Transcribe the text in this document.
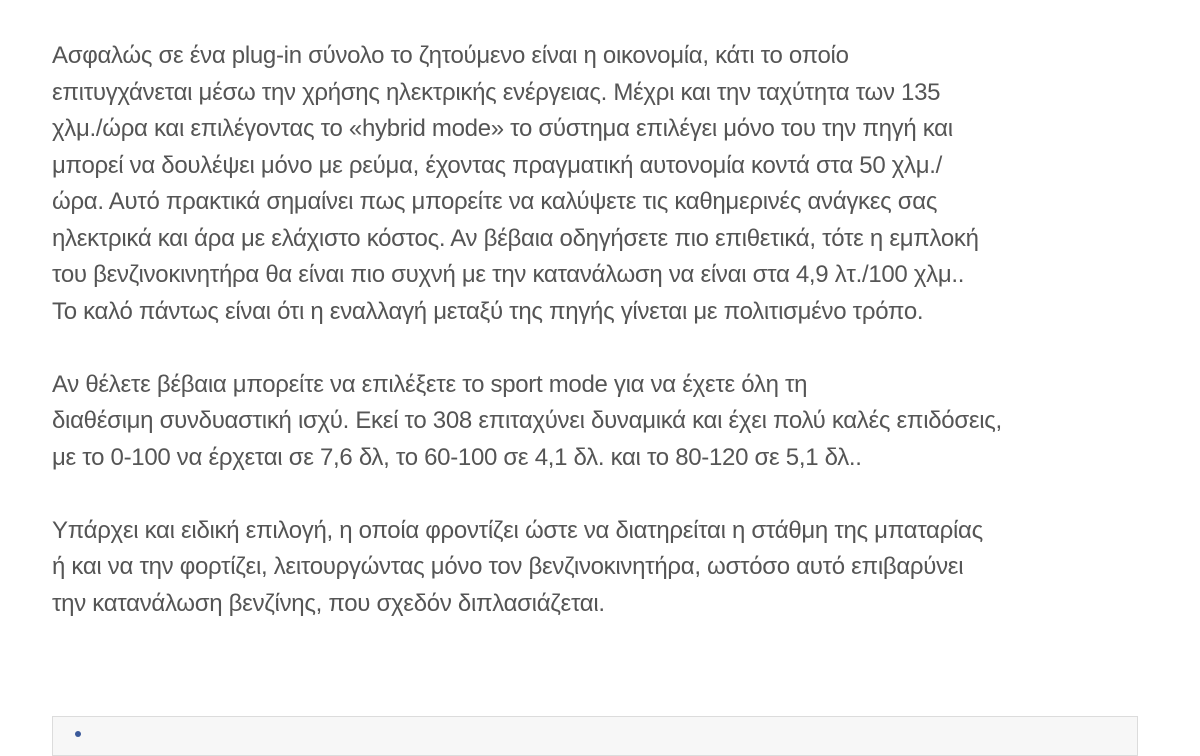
Ασφαλώς σε ένα plug-in σύνολο το ζητούμενο είναι η οικονομία, κάτι το οποίο
επιτυγχάνεται μέσω την χρήσης ηλεκτρικής ενέργειας. Μέχρι και την ταχύτητα των 135
χλμ./ώρα και επιλέγοντας το «hybrid mode» το σύστημα επιλέγει μόνο του την πηγή και
μπορεί να δουλέψει μόνο με ρεύμα, έχοντας πραγματική αυτονομία κοντά στα 50 χλμ./
ώρα. Αυτό πρακτικά σημαίνει πως μπορείτε να καλύψετε τις καθημερινές ανάγκες σας
ηλεκτρικά και άρα με ελάχιστο κόστος. Αν βέβαια οδηγήσετε πιο επιθετικά, τότε η εμπλοκή
του βενζινοκινητήρα θα είναι πιο συχνή με την κατανάλωση να είναι στα 4,9 λτ./100 χλμ..
Το καλό πάντως είναι ότι η εναλλαγή μεταξύ της πηγής γίνεται με πολιτισμένο τρόπο.

Αν θέλετε βέβαια μπορείτε να επιλέξετε το sport mode για να έχετε όλη τη
διαθέσιμη συνδυαστική ισχύ. Εκεί το 308 επιταχύνει δυναμικά και έχει πολύ καλές επιδόσεις,
με το 0-100 να έρχεται σε 7,6 δλ, το 60-100 σε 4,1 δλ. και το 80-120 σε 5,1 δλ..

Υπάρχει και ειδική επιλογή, η οποία φροντίζει ώστε να διατηρείται η στάθμη της μπαταρίας
ή και να την φορτίζει, λειτουργώντας μόνο τον βενζινοκινητήρα, ωστόσο αυτό επιβαρύνει
την κατανάλωση βενζίνης, που σχεδόν διπλασιάζεται.
